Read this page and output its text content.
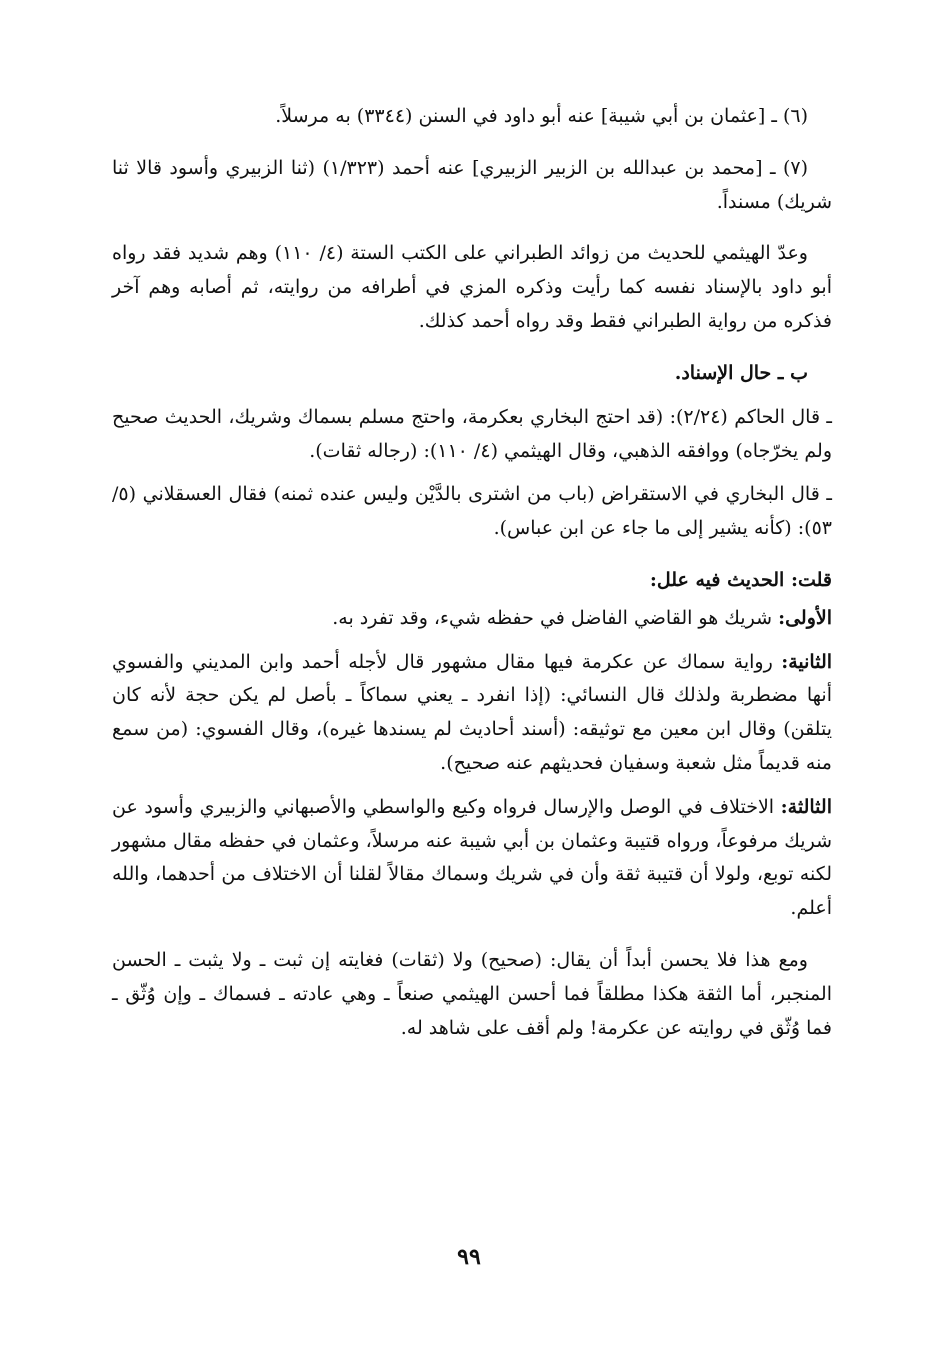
(٦) ـ [عثمان بن أبي شيبة] عنه أبو داود في السنن (٣٣٤٤) به مرسلاً.

(٧) ـ [محمد بن عبدالله بن الزبير الزبيري] عنه أحمد (١/٣٢٣) (ثنا الزبيري وأسود قالا ثنا شريك) مسنداً.

وعدّ الهيثمي للحديث من زوائد الطبراني على الكتب الستة (٤/ ١١٠) وهم شديد فقد رواه أبو داود بالإسناد نفسه كما رأيت وذكره المزي في أطرافه من روايته، ثم أصابه وهم آخر فذكره من رواية الطبراني فقط وقد رواه أحمد كذلك.

ب ـ حال الإسناد.

ـ قال الحاكم (٢/٢٤): (قد احتج البخاري بعكرمة، واحتج مسلم بسماك وشريك، الحديث صحيح ولم يخرّجاه) ووافقه الذهبي، وقال الهيثمي (٤/ ١١٠): (رجاله ثقات).

ـ قال البخاري في الاستقراض (باب من اشترى بالدَّيْن وليس عنده ثمنه) فقال العسقلاني (٥/ ٥٣): (كأنه يشير إلى ما جاء عن ابن عباس).

قلت: الحديث فيه علل:

الأولى: شريك هو القاضي الفاضل في حفظه شيء، وقد تفرد به.

الثانية: رواية سماك عن عكرمة فيها مقال مشهور قال لأجله أحمد وابن المديني والفسوي أنها مضطربة ولذلك قال النسائي: (إذا انفرد ـ يعني سماكاً ـ بأصل لم يكن حجة لأنه كان يتلقن) وقال ابن معين مع توثيقه: (أسند أحاديث لم يسندها غيره)، وقال الفسوي: (من سمع منه قديماً مثل شعبة وسفيان فحديثهم عنه صحيح).

الثالثة: الاختلاف في الوصل والإرسال فرواه وكيع والواسطي والأصبهاني والزبيري وأسود عن شريك مرفوعاً، ورواه قتيبة وعثمان بن أبي شيبة عنه مرسلاً، وعثمان في حفظه مقال مشهور لكنه توبع، ولولا أن قتيبة ثقة وأن في شريك وسماك مقالاً لقلنا أن الاختلاف من أحدهما، والله أعلم.

ومع هذا فلا يحسن أبداً أن يقال: (صحيح) ولا (ثقات) فغايته إن ثبت ـ ولا يثبت ـ الحسن المنجبر، أما الثقة هكذا مطلقاً فما أحسن الهيثمي صنعاً ـ وهي عادته ـ فسماك ـ وإن وُثّق ـ فما وُثّق في روايته عن عكرمة! ولم أقف على شاهد له.

٩٩
